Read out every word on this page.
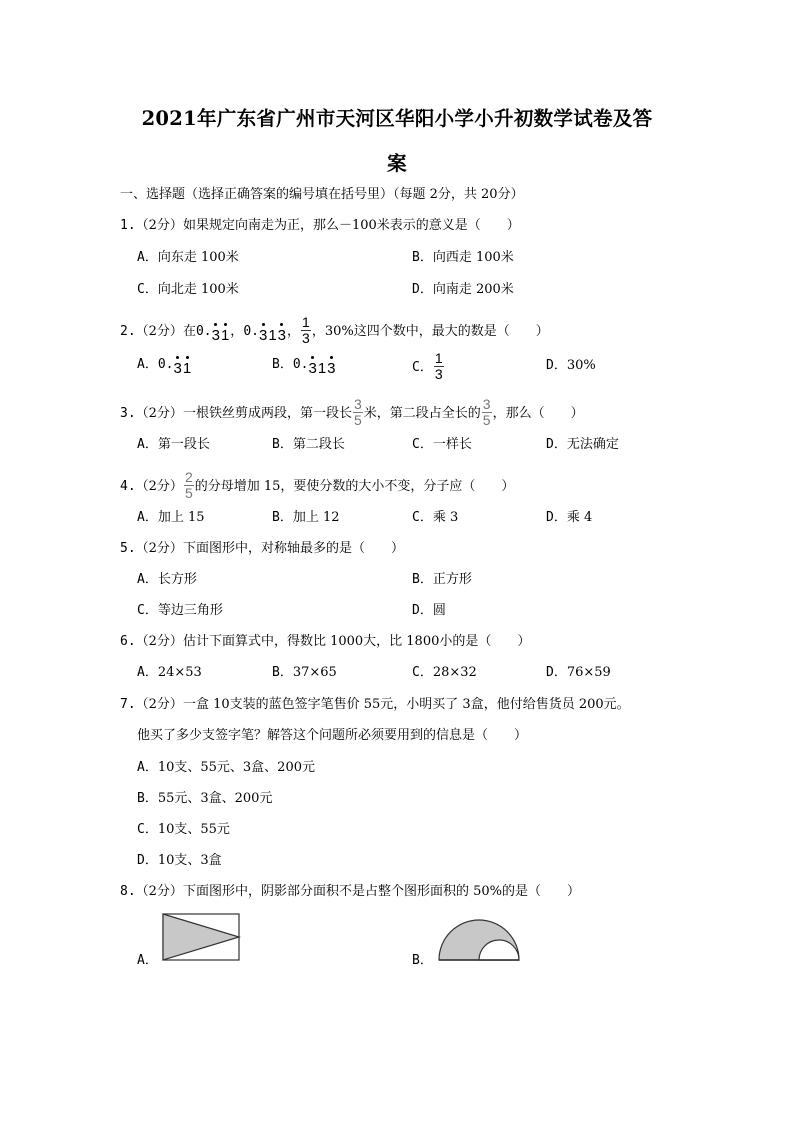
2021年广东省广州市天河区华阳小学小升初数学试卷及答
案
一、选择题（选择正确答案的编号填在括号里）（每题 2分，共 20分）
1.（2分）如果规定向南走为正，那么－100米表示的意义是（　　）
A．向东走 100米	B．向西走 100米
C．向北走 100米	D．向南走 200米
2.（2分）在0.31，0.313， $\frac{1}{3}$ ，30%这四个数中，最大的数是（　　）
A．0.31	B．0.313	C． $\frac{1}{3}$	D．30%
3.（2分）一根铁丝剪成两段，第一段长 $\frac{3}{5}$ 米，第二段占全长的 $\frac{3}{5}$ ，那么（　　）
A．第一段长	B．第二段长	C．一样长	D．无法确定
4.（2分） $\frac{2}{5}$ 的分母增加 15，要使分数的大小不变，分子应（　　）
A．加上 15	B．加上 12	C．乘 3	D．乘 4
5.（2分）下面图形中，对称轴最多的是（　　）
A．长方形	B．正方形
C．等边三角形	D．圆
6.（2分）估计下面算式中，得数比 1000大，比 1800小的是（　　）
A．24×53	B．37×65	C．28×32	D．76×59
7.（2分）一盒 10支装的蓝色签字笔售价 55元，小明买了 3盒，他付给售货员 200元。
他买了多少支签字笔？解答这个问题所必须要用到的信息是（　　）
A．10支、55元、3盒、200元
B．55元、3盒、200元
C．10支、55元
D．10支、3盒
8.（2分）下面图形中，阴影部分面积不是占整个图形面积的 50%的是（　　）
A．	B．
